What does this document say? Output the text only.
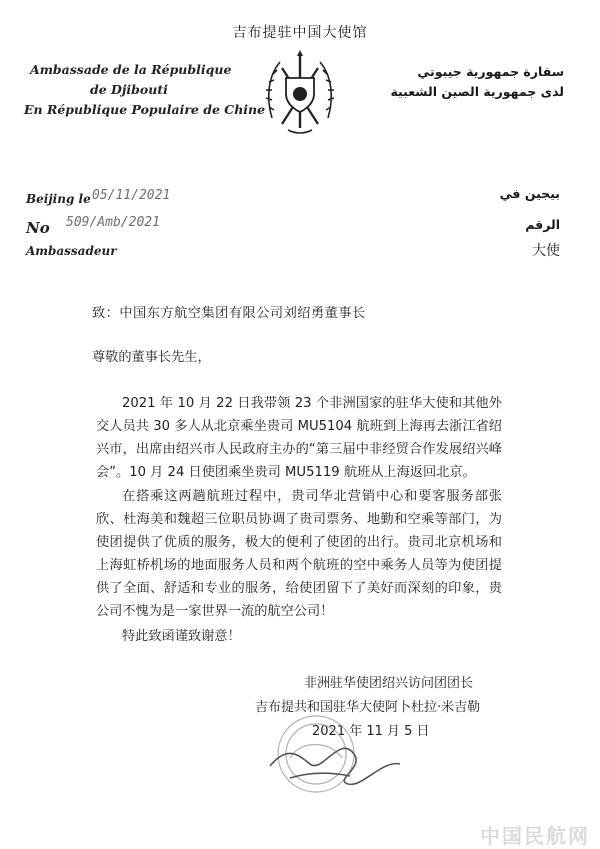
吉布提驻中国大使馆
Ambassade de la République
de Djibouti
En République Populaire de Chine
سفارة جمهورية جيبوتي
لدى جمهورية الصين الشعبية
Beijing le 05/11/2021
No 509/Amb/2021
Ambassadeur
بيجين في
الرقم
大使
致：中国东方航空集团有限公司刘绍勇董事长
尊敬的董事长先生，
2021 年 10 月 22 日我带领 23 个非洲国家的驻华大使和其他外交人员共 30 多人从北京乘坐贵司 MU5104 航班到上海再去浙江省绍兴市，出席由绍兴市人民政府主办的“第三届中非经贸合作发展绍兴峰会”。10 月 24 日使团乘坐贵司 MU5119 航班从上海返回北京。
在搭乘这两趟航班过程中，贵司华北营销中心和要客服务部张欣、杜海美和魏超三位职员协调了贵司票务、地勤和空乘等部门，为使团提供了优质的服务，极大的便利了使团的出行。贵司北京机场和上海虹桥机场的地面服务人员和两个航班的空中乘务人员等为使团提供了全面、舒适和专业的服务，给使团留下了美好而深刻的印象，贵公司不愧为是一家世界一流的航空公司！
特此致函谨致谢意！
非洲驻华使团绍兴访问团团长
吉布提共和国驻华大使阿卜杜拉·米吉勒
2021 年 11 月 5 日
中国民航网
